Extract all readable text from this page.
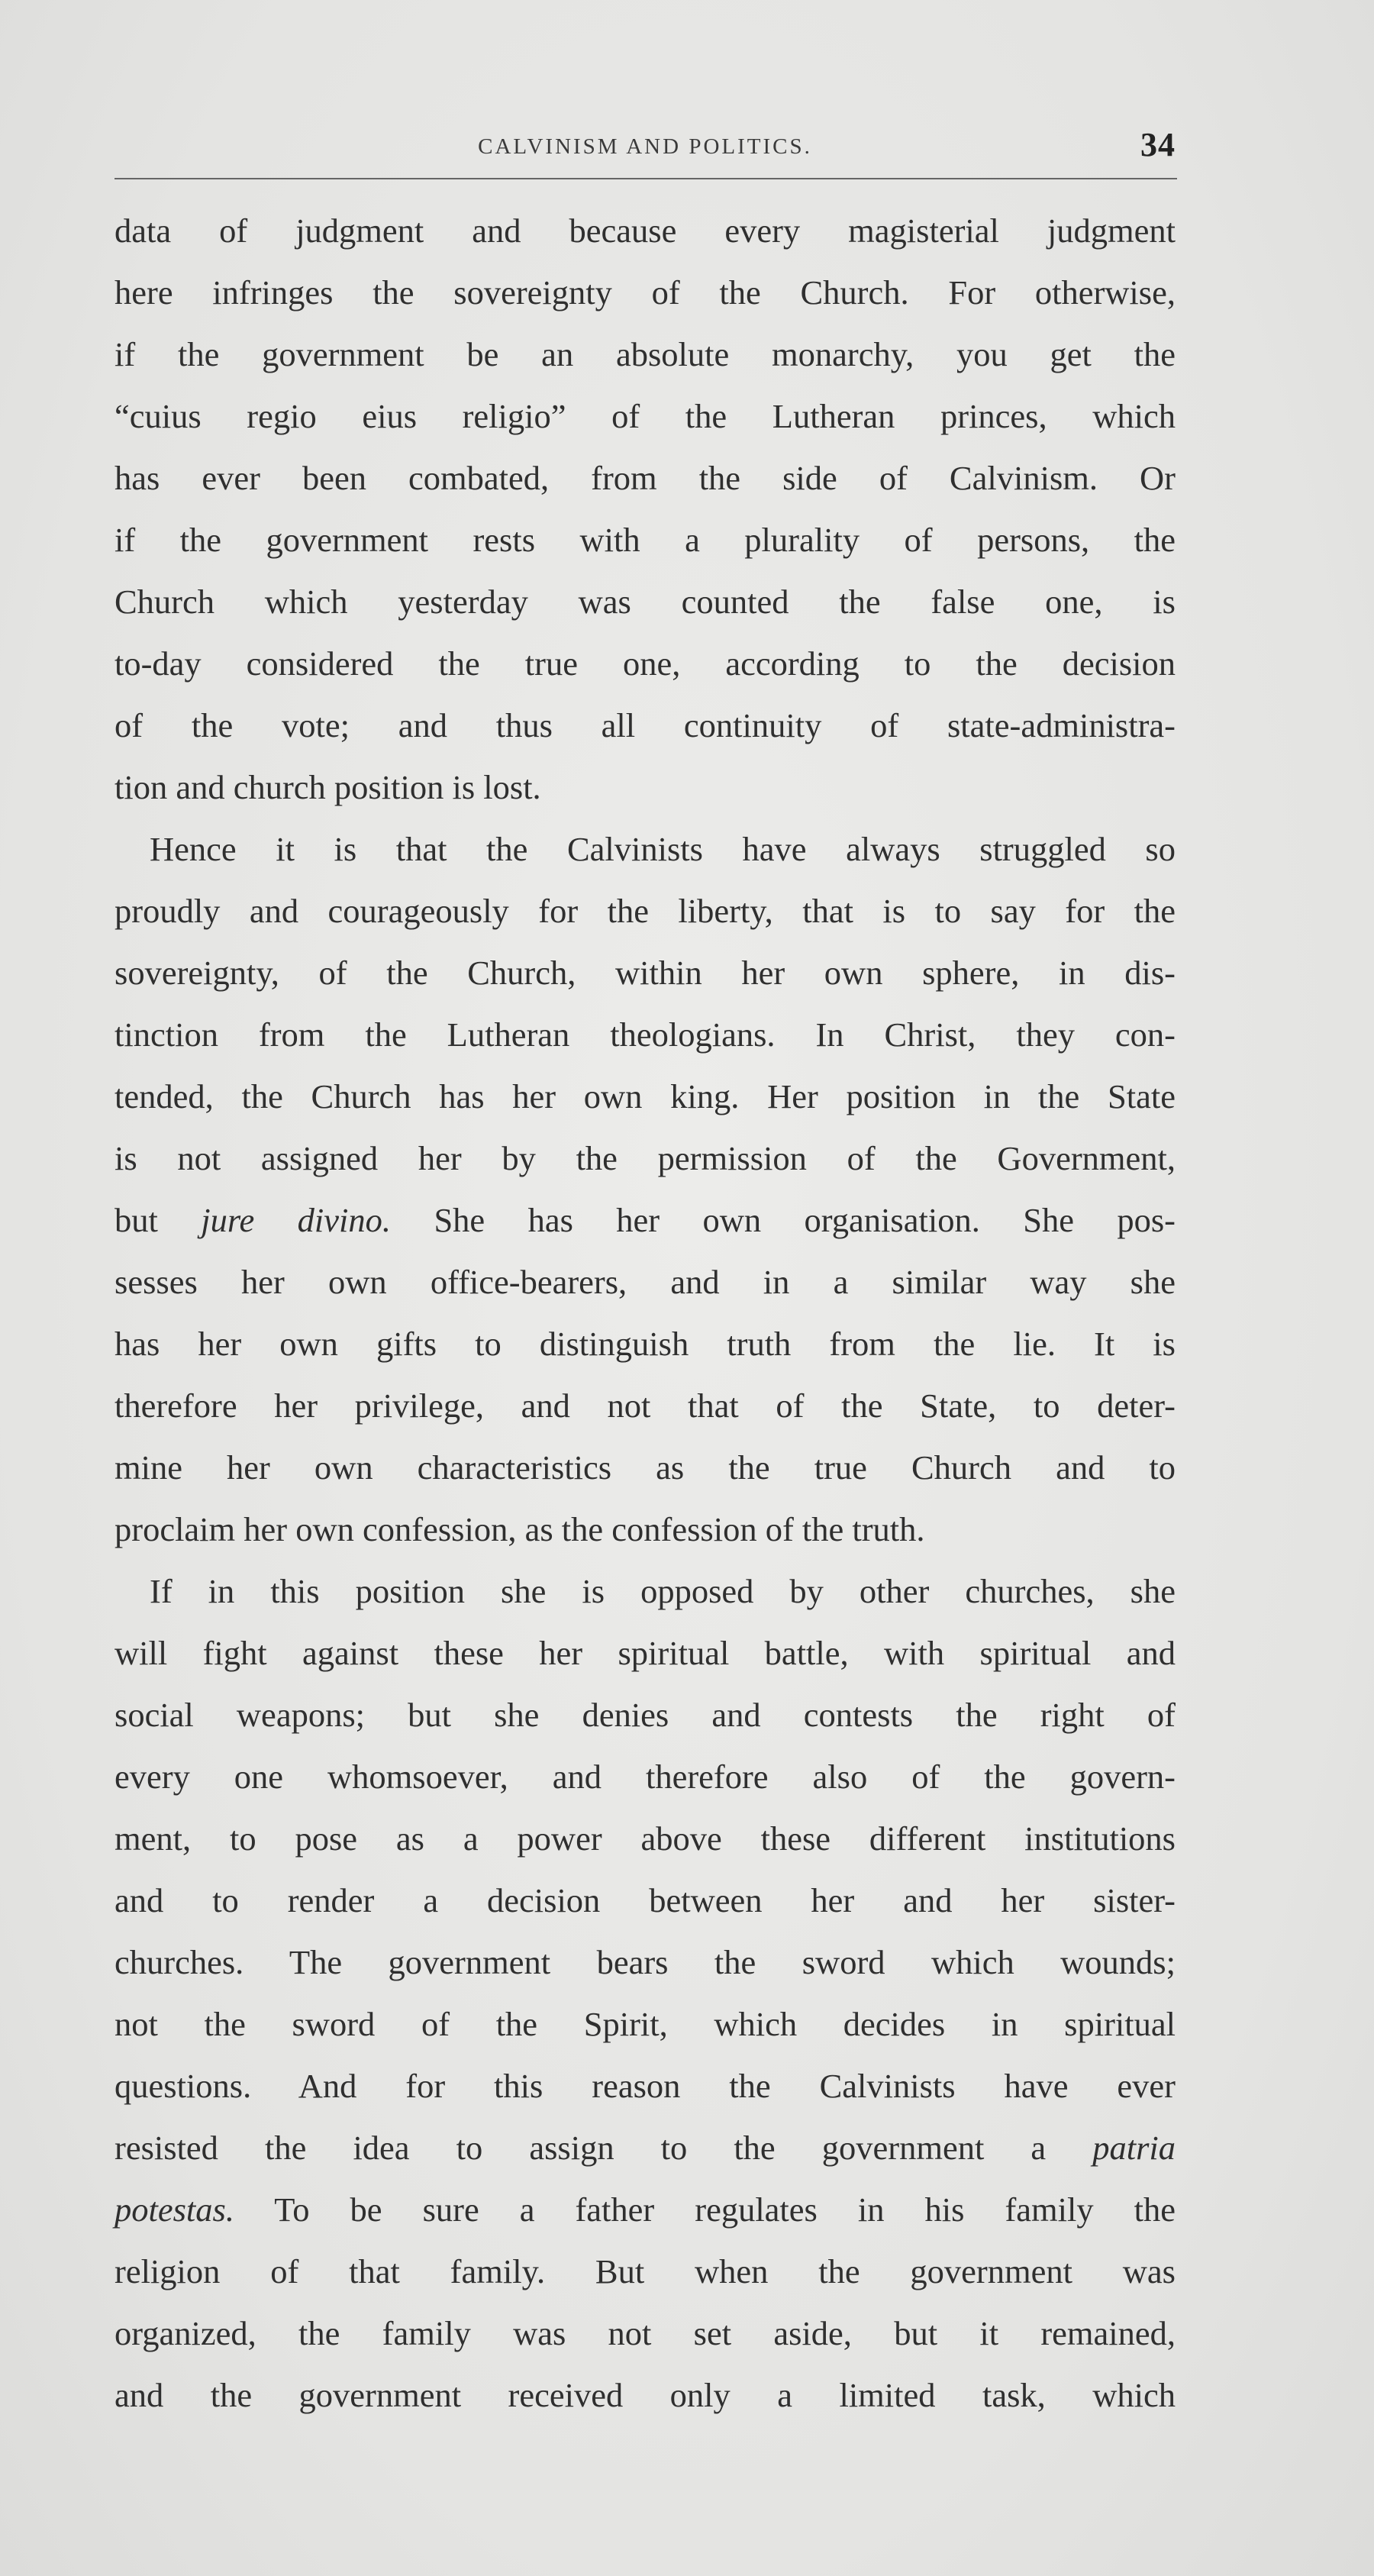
CALVINISM AND POLITICS.	34
data of judgment and because every magisterial judgment
here infringes the sovereignty of the Church. For otherwise,
if the government be an absolute monarchy, you get the
“cuius regio eius religio” of the Lutheran princes, which
has ever been combated, from the side of Calvinism. Or
if the government rests with a plurality of persons, the
Church which yesterday was counted the false one, is
to-day considered the true one, according to the decision
of the vote; and thus all continuity of state-administra-
tion and church position is lost.
Hence it is that the Calvinists have always struggled so
proudly and courageously for the liberty, that is to say for the
sovereignty, of the Church, within her own sphere, in dis-
tinction from the Lutheran theologians. In Christ, they con-
tended, the Church has her own king. Her position in the State
is not assigned her by the permission of the Government,
but jure divino. She has her own organisation. She pos-
sesses her own office-bearers, and in a similar way she
has her own gifts to distinguish truth from the lie. It is
therefore her privilege, and not that of the State, to deter-
mine her own characteristics as the true Church and to
proclaim her own confession, as the confession of the truth.
If in this position she is opposed by other churches, she
will fight against these her spiritual battle, with spiritual and
social weapons; but she denies and contests the right of
every one whomsoever, and therefore also of the govern-
ment, to pose as a power above these different institutions
and to render a decision between her and her sister-
churches. The government bears the sword which wounds;
not the sword of the Spirit, which decides in spiritual
questions. And for this reason the Calvinists have ever
resisted the idea to assign to the government a patria
potestas. To be sure a father regulates in his family the
religion of that family. But when the government was
organized, the family was not set aside, but it remained,
and the government received only a limited task, which
